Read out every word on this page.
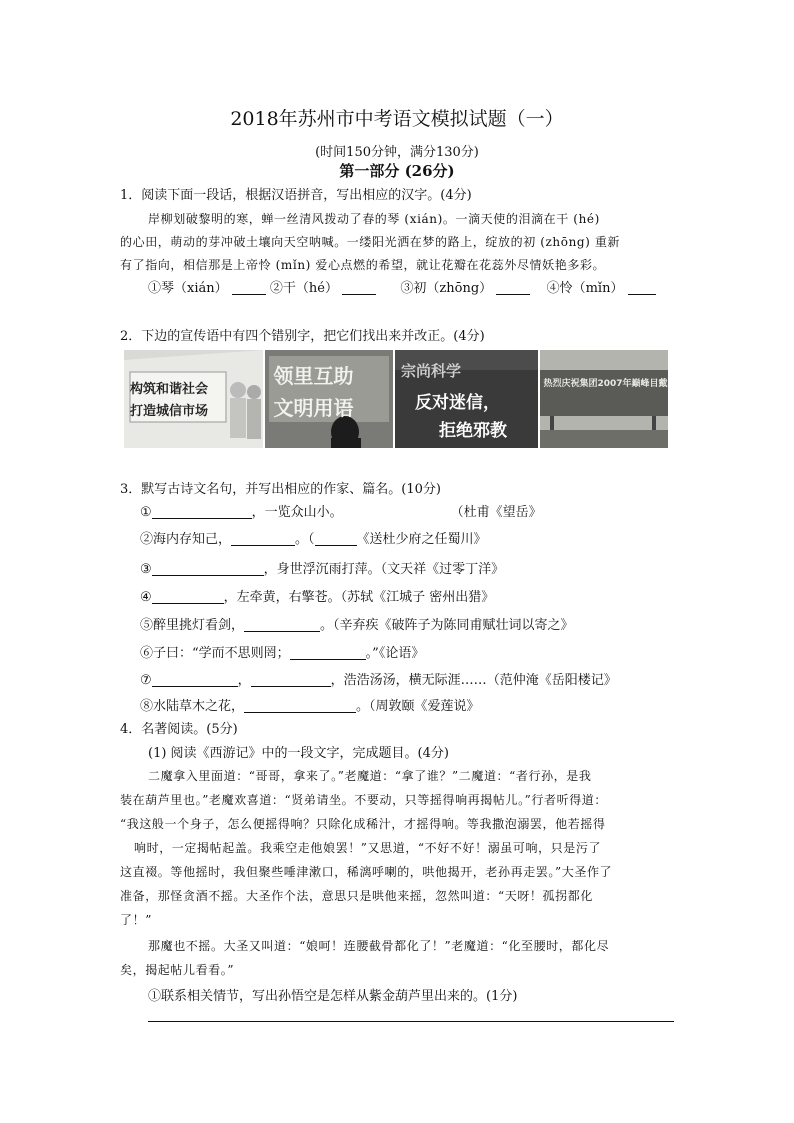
2018年苏州市中考语文模拟试题（一）
(时间150分钟，满分130分)
第一部分 (26分)
1．阅读下面一段话，根据汉语拼音，写出相应的汉字。(4分)
岸柳划破黎明的寒，蝉一丝清风拨动了春的琴 (xián)。一滴天使的泪滴在干 (hé)
的心田，萌动的芽冲破土壤向天空呐喊。一缕阳光洒在梦的路上，绽放的初 (zhōng) 重新
有了指向，相信那是上帝怜 (mǐn) 爱心点燃的希望，就让花瓣在花蕊外尽情妖艳多彩。
①琴（xián）	②干（hé）	③初（zhōng）	④怜（mǐn）
2．下边的宣传语中有四个错别字，把它们找出来并改正。(4分)
构筑和谐社会
打造城信市场
领里互助
文明用语
宗尚科学
反对迷信，
拒绝邪教
热烈庆祝集团2007年巅峰目戴
3．默写古诗文名句，并写出相应的作家、篇名。(10分)
①	，一览众山小。	（杜甫《望岳》
②海内存知己，	。（	《送杜少府之任蜀川》
③	，身世浮沉雨打萍。（文天祥《过零丁洋》
④	，左牵黄，右擎苍。（苏轼《江城子 密州出猎》
⑤醉里挑灯看剑，	。（辛弃疾《破阵子为陈同甫赋壮词以寄之》
⑥子曰：“学而不思则罔；	。”《论语》
⑦	，	，浩浩汤汤，横无际涯……（范仲淹《岳阳楼记》
⑧水陆草木之花，	。（周敦颐《爱莲说》
4．名著阅读。(5分)
(1) 阅读《西游记》中的一段文字，完成题目。(4分)
二魔拿入里面道：“哥哥，拿来了。”老魔道：“拿了谁？”二魔道：“者行孙，是我
装在葫芦里也。”老魔欢喜道：“贤弟请坐。不要动，只等摇得响再揭帖儿。”行者听得道：
“我这般一个身子，怎么便摇得响？只除化成稀汁，才摇得响。等我撒泡溺罢，他若摇得
响时，一定揭帖起盖。我乘空走他娘罢！”又思道，“不好不好！溺虽可响，只是污了
这直裰。等他摇时，我但聚些唾津漱口，稀漓呼喇的，哄他揭开，老孙再走罢。”大圣作了
准备，那怪贪酒不摇。大圣作个法，意思只是哄他来摇，忽然叫道：“天呀！孤拐都化
了！”
那魔也不摇。大圣又叫道：“娘呵！连腰截骨都化了！”老魔道：“化至腰时，都化尽
矣，揭起帖儿看看。”
①联系相关情节，写出孙悟空是怎样从紫金葫芦里出来的。(1分)
